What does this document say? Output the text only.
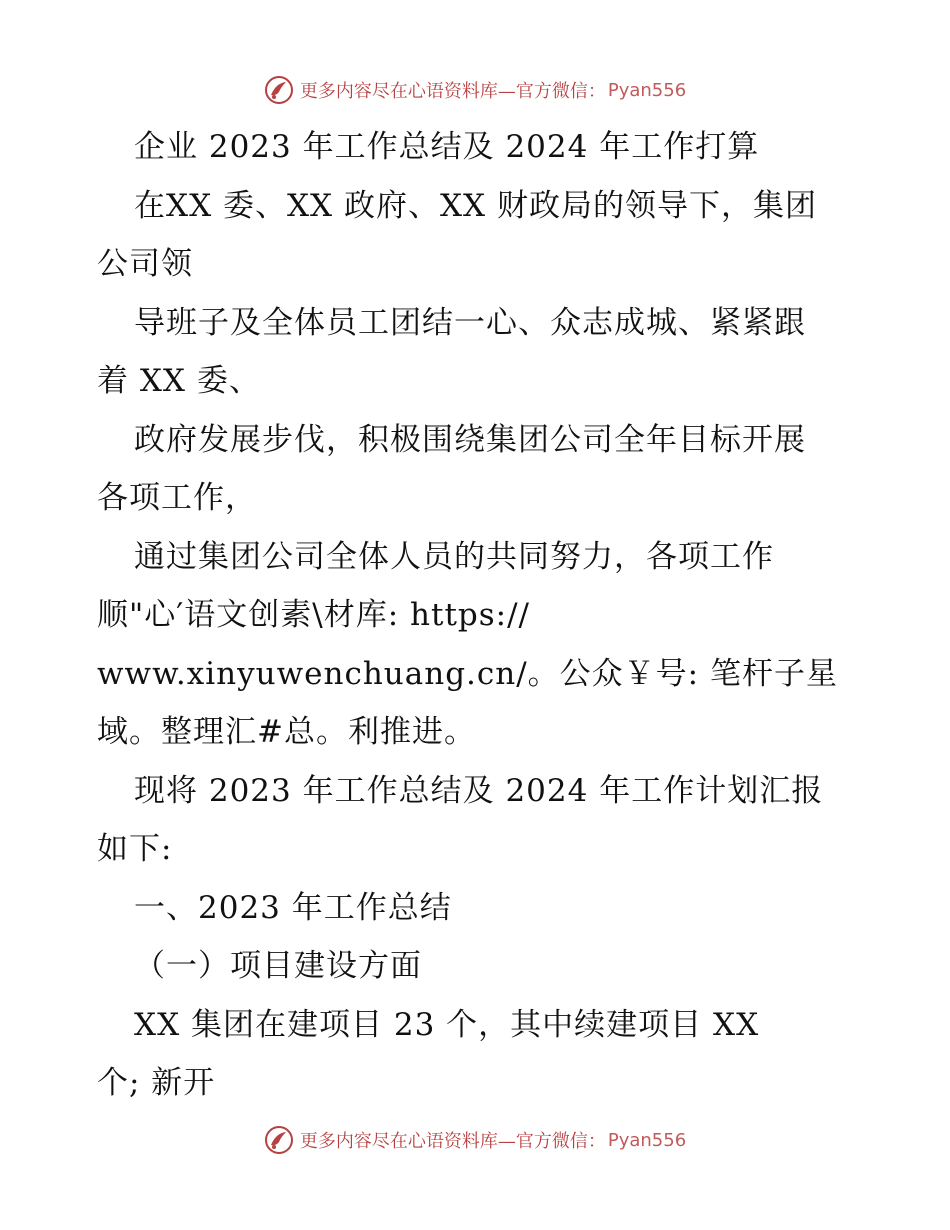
更多内容尽在心语资料库—官方微信： Pyan556
企业 2023 年工作总结及 2024 年工作打算
在XX 委、XX 政府、XX 财政局的领导下，集团
公司领
导班子及全体员工团结一心、众志成城、紧紧跟
着 XX 委、
政府发展步伐，积极围绕集团公司全年目标开展
各项工作，
通过集团公司全体人员的共同努力，各项工作
顺"心′语文创素\材库: https://
www.xinyuwenchuang.cn/。公众￥号: 笔杆子星
域。整理汇#总。利推进。
现将 2023 年工作总结及 2024 年工作计划汇报
如下:
一、2023 年工作总结
（一）项目建设方面
XX 集团在建项目 23 个，其中续建项目 XX
个; 新开
更多内容尽在心语资料库—官方微信： Pyan556
